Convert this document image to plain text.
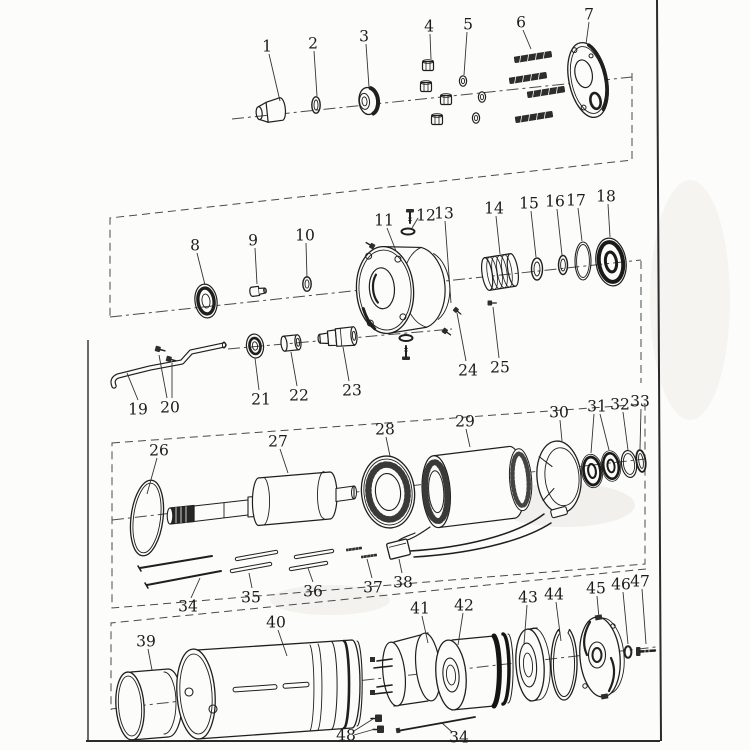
1 2	3
4 5	6	7
8	9 10
11 12
13 14 15 16 17 18
19 20	21 22 23
24 25
26	27
28	29	30 31 32 33
34	35	36	37 38
39
40
41 42	43 44 45 46 47
48	34
